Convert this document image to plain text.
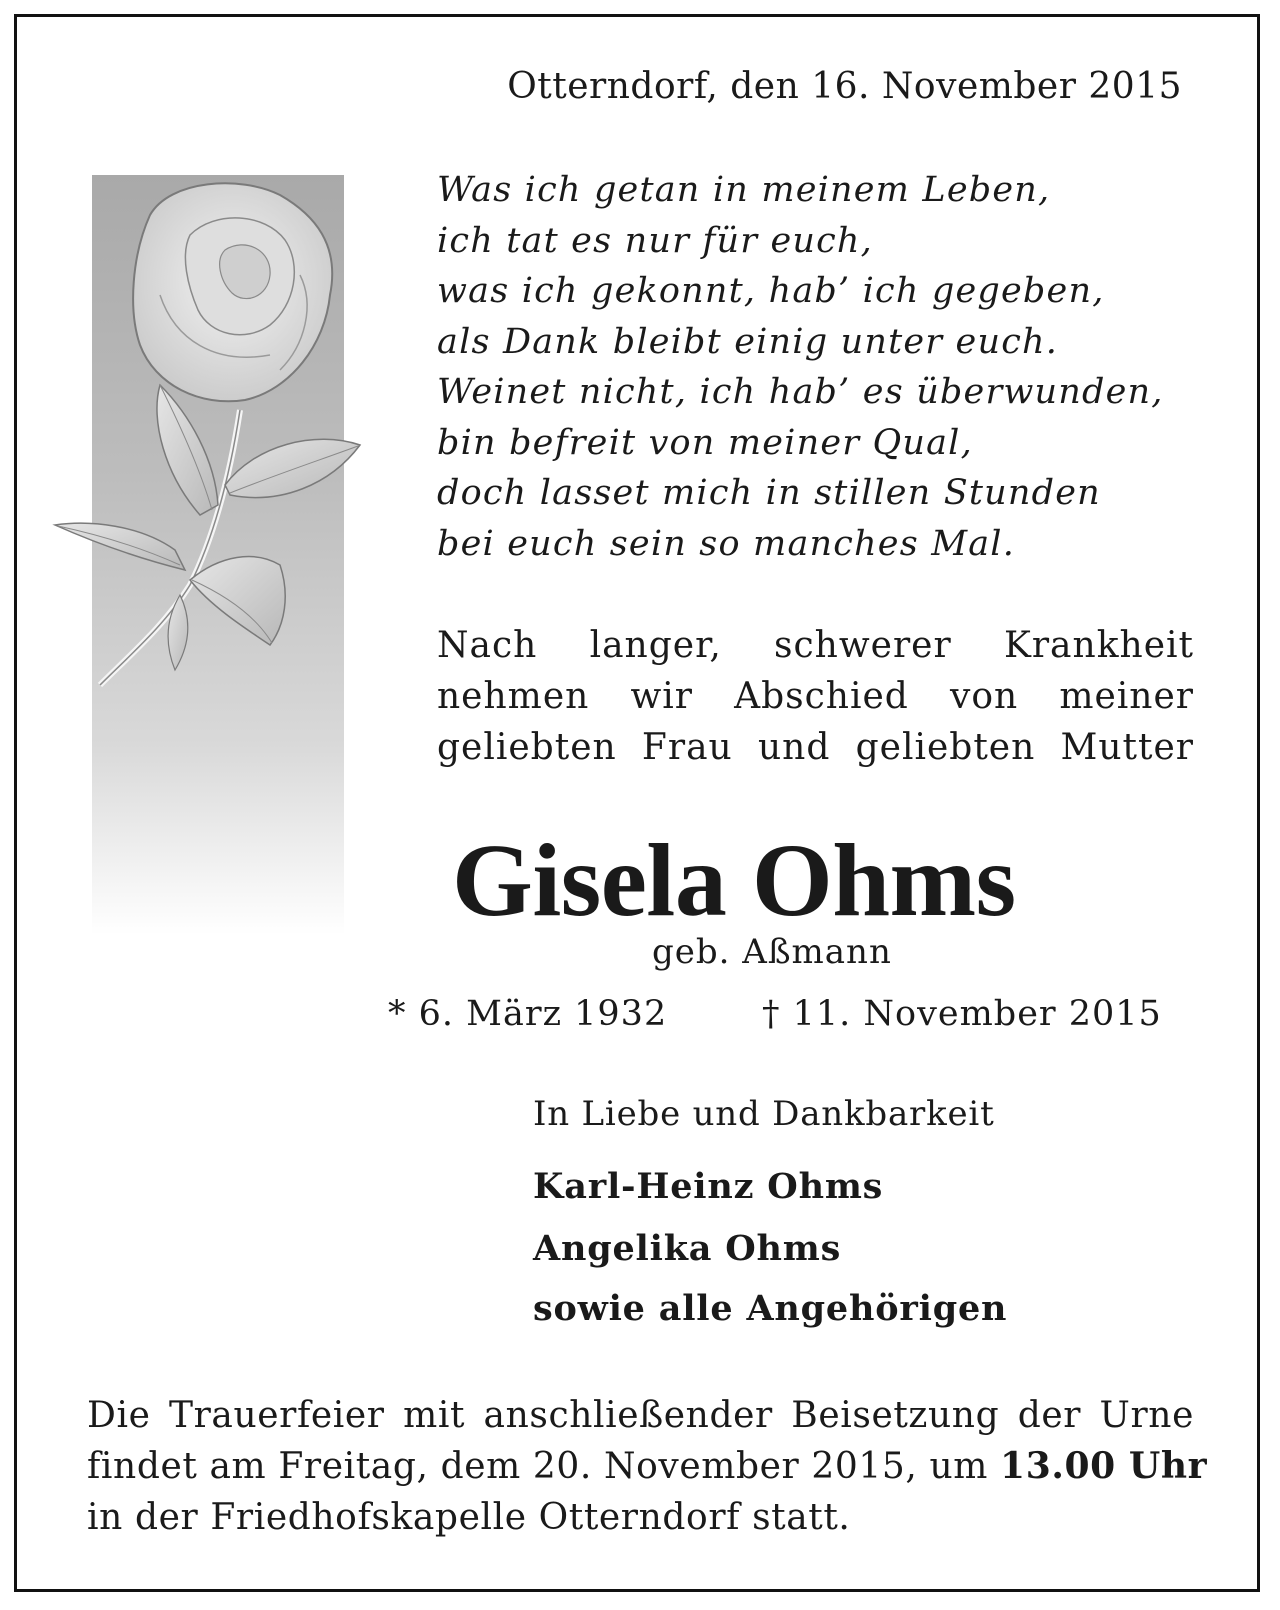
Otterndorf, den 16. November 2015
Was ich getan in meinem Leben,
ich tat es nur für euch,
was ich gekonnt, hab’ ich gegeben,
als Dank bleibt einig unter euch.
Weinet nicht, ich hab’ es überwunden,
bin befreit von meiner Qual,
doch lasset mich in stillen Stunden
bei euch sein so manches Mal.
Nach langer, schwerer Krankheit
nehmen wir Abschied von meiner
geliebten Frau und geliebten Mutter
Gisela Ohms
geb. Aßmann
* 6. März 1932	† 11. November 2015
In Liebe und Dankbarkeit
Karl-Heinz Ohms
Angelika Ohms
sowie alle Angehörigen
Die Trauerfeier mit anschließender Beisetzung der Urne
findet am Freitag, dem 20. November 2015, um 13.00 Uhr
in der Friedhofskapelle Otterndorf statt.
